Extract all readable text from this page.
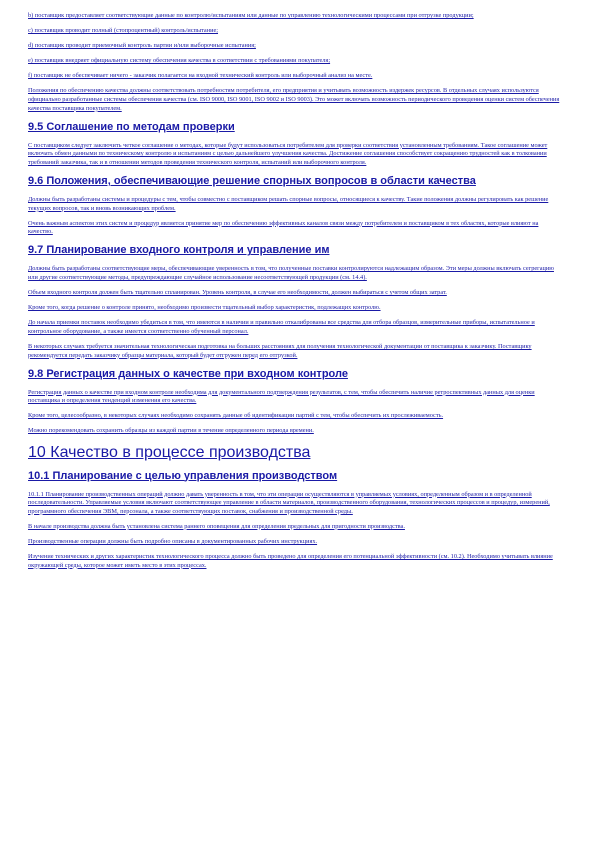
b) поставщик предоставляет соответствующие данные по контролю/испытаниям или данные по управлению технологическими процессами при отгрузке продукции;

c) поставщик проводит полный (стопроцентный) контроль/испытание;

d) поставщик проводит приемочный контроль партии и/или выборочные испытания;

e) поставщик внедряет официальную систему обеспечения качества в соответствии с требованиями покупателя;

f) поставщик не обеспечивает ничего - заказчик полагается на входной технический контроль или выборочный анализ на месте.

Положения по обеспечению качества должны соответствовать потребностям потребителя, его предприятия и учитывать возможность издержек ресурсов. В отдельных случаях используются официально разработанные системы обеспечения качества (см. ISO 9000, ISO 9001, ISO 9002 и ISO 9003). Это может включать возможность периодического проведения оценки систем обеспечения качества поставщика покупателем.

9.5 Соглашение по методам проверки

С поставщиком следует заключить четкое соглашение о методах, которые будут использоваться потребителем для проверки соответствия установленным требованиям. Такое соглашение может включать обмен данными по техническому контролю и испытаниям с целью дальнейшего улучшения качества. Достижение соглашения способствует сокращению трудностей как в толковании требований заказчика, так и в отношении методов проведения технического контроля, испытаний или выборочного контроля.

9.6 Положения, обеспечивающие решение спорных вопросов в области качества

Должны быть разработаны системы и процедуры с тем, чтобы совместно с поставщиком решать спорные вопросы, относящиеся к качеству. Такие положения должны регулировать как решение текущих вопросов, так и вновь возникающих проблем.

Очень важным аспектом этих систем и процедур является принятие мер по обеспечению эффективных каналов связи между потребителем и поставщиком в тех областях, которые влияют на качество.

9.7 Планирование входного контроля и управление им

Должны быть разработаны соответствующие меры, обеспечивающие уверенность в том, что полученные поставки контролируются надлежащим образом. Эти меры должны включать сегрегацию или другие соответствующие методы, предупреждающие случайное использование несоответствующей продукции (см. 14.4).

Объем входного контроля должен быть тщательно спланирован. Уровень контроля, в случае его необходимости, должен выбираться с учетом общих затрат.

Кроме того, когда решение о контроле принято, необходимо произвести тщательный выбор характеристик, подлежащих контролю.

До начала приемки поставок необходимо убедиться в том, что имеются в наличии и правильно откалиброваны все средства для отбора образцов, измерительные приборы, испытательное и контрольное оборудование, а также имеется соответственно обученный персонал.

В некоторых случаях требуется значительная технологическая подготовка на больших расстояниях для получения технологической документации от поставщика к заказчику. Поставщику рекомендуется передать заказчику образцы материала, который будет отгружен перед его отгрузкой.

9.8 Регистрация данных о качестве при входном контроле

Регистрация данных о качестве при входном контроле необходима для документального подтверждения результатов, с тем, чтобы обеспечить наличие ретроспективных данных для оценки поставщика и определения тенденций изменения его качества.

Кроме того, целесообразно, в некоторых случаях необходимо сохранять данные об идентификации партий с тем, чтобы обеспечить их прослеживаемость.

Можно порекомендовать сохранить образцы из каждой партии в течение определенного периода времени.

10 Качество в процессе производства
10.1 Планирование с целью управления производством

10.1.1 Планирование производственных операций должно давать уверенность в том, что эти операции осуществляются в управляемых условиях, определенным образом и в определенной последовательности. Управляемые условия включают соответствующее управление в области материалов, производственного оборудования, технологических процессов и процедур, измерений, программного обеспечения ЭВМ, персонала, а также соответствующих поставок, снабжения и производственной среды.

В начале производства должна быть установлена система раннего оповещения для определения предельных для пригодности производства.

Производственные операции должны быть подробно описаны в документированных рабочих инструкциях.

Изучение технических и других характеристик технологического процесса должно быть проведено для определения его потенциальной эффективности (см. 10.2). Необходимо учитывать влияние окружающей среды, которое может иметь место в этих процессах.
